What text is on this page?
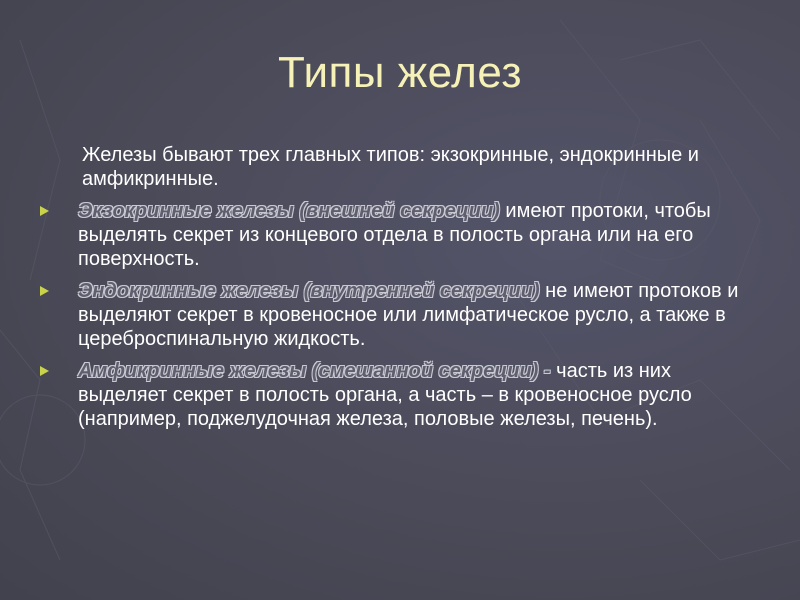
Типы желез

Железы бывают трех главных типов: экзокринные, эндокринные и амфикринные.

Экзокринные железы (внешней секреции) имеют протоки, чтобы выделять секрет из концевого отдела в полость органа или на его поверхность.
Эндокринные железы (внутренней секреции) не имеют протоков и выделяют секрет в кровеносное или лимфатическое русло, а также в цереброспинальную жидкость.
Амфикринные железы (смешанной секреции) - часть из них выделяет секрет в полость органа, а часть – в кровеносное русло (например, поджелудочная железа, половые железы, печень).
